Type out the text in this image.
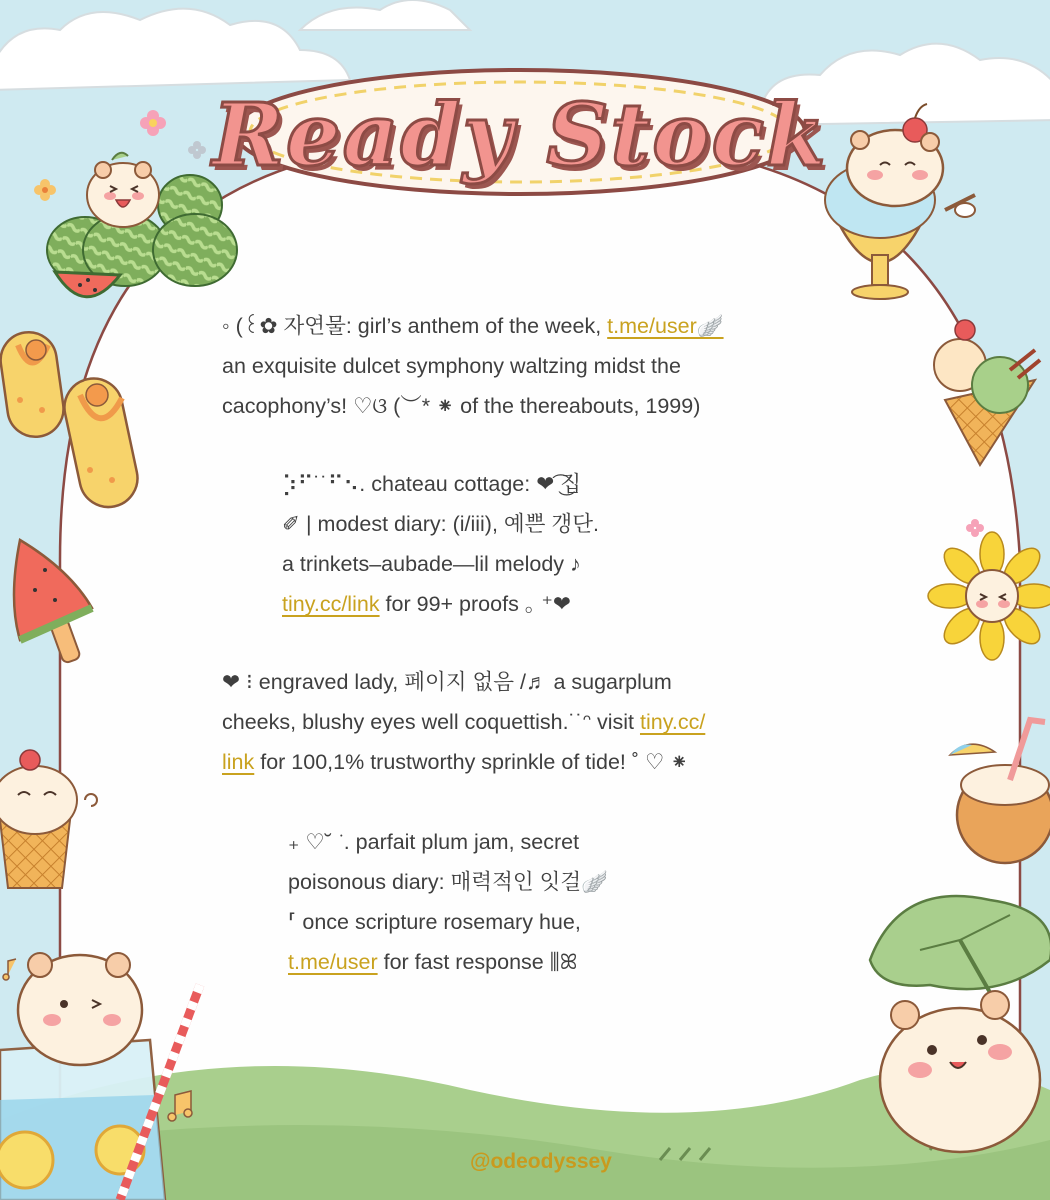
Ready Stock
◦ (꒰✿ 자연물: girl’s anthem of the week, t.me/user🪽
an exquisite dulcet symphony waltzing midst the
cacophony’s! ♡ଓ (︶* ⁕ of the thereabouts, 1999)
⡱⠋˙˙⠋⠢. chateau cottage: ❤︎͡ ͜집
✐ | modest diary: (i/iii), 예쁜 갱단.
a trinkets–aubade—lil melody ♪
tiny.cc/link for 99+ proofs ｡ ⁺❤︎
❤︎ ⁝ engraved lady, 페이지 없음 /♬ a sugarplum
cheeks, blushy eyes well coquettish.˙˙ᵔ visit tiny.cc/
link for 100,1% trustworthy sprinkle of tide! ˚ ♡ ⁕
₊ ♡˘ ͘ . parfait plum jam, secret
poisonous diary: 매력적인 잇걸🪽
⸢ once scripture rosemary hue,
t.me/user for fast response ⫼ꕤ
@odeodyssey
